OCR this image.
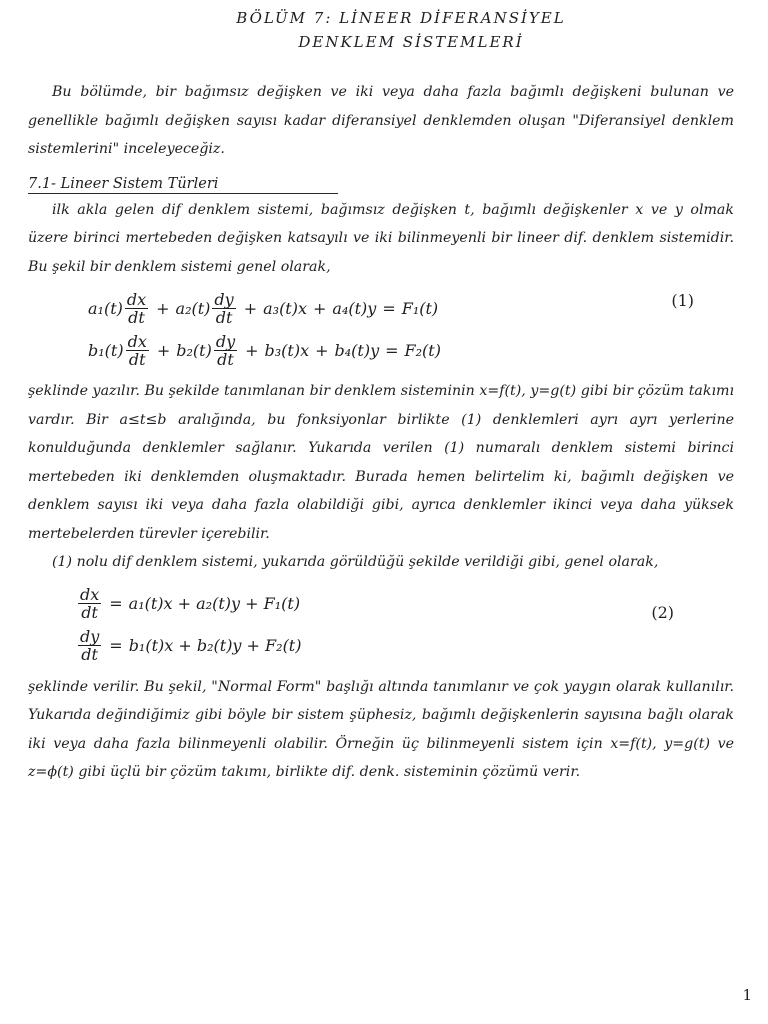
BÖLÜM 7: LİNEER DİFERANSİYEL
DENKLEM SİSTEMLERİ

Bu bölümde, bir bağımsız değişken ve iki veya daha fazla bağımlı değişkeni bulunan ve genellikle bağımlı değişken sayısı kadar diferansiyel denklemden oluşan "Diferansiyel denklem sistemlerini" inceleyeceğiz.

7.1- Lineer Sistem Türleri

ilk akla gelen dif denklem sistemi, bağımsız değişken t, bağımlı değişkenler x ve y olmak üzere birinci mertebeden değişken katsayılı ve iki bilinmeyenli bir lineer dif. denklem sistemidir. Bu şekil bir denklem sistemi genel olarak,

$a_1(t) \frac{dx}{dt} + a_2(t) \frac{dy}{dt} + a_3(t)x + a_4(t)y = F_1(t)$
$b_1(t) \frac{dx}{dt} + b_2(t) \frac{dy}{dt} + b_3(t)x + b_4(t)y = F_2(t)$
(1)

şeklinde yazılır. Bu şekilde tanımlanan bir denklem sisteminin x=f(t), y=g(t) gibi bir çözüm takımı vardır. Bir a≤t≤b aralığında, bu fonksiyonlar birlikte (1) denklemleri ayrı ayrı yerlerine konulduğunda denklemler sağlanır. Yukarıda verilen (1) numaralı denklem sistemi birinci mertebeden iki denklemden oluşmaktadır. Burada hemen belirtelim ki, bağımlı değişken ve denklem sayısı iki veya daha fazla olabildiği gibi, ayrıca denklemler ikinci veya daha yüksek mertebelerden türevler içerebilir.

(1) nolu dif denklem sistemi, yukarıda görüldüğü şekilde verildiği gibi, genel olarak,

$\frac{dx}{dt} = a_1(t)x + a_2(t)y + F_1(t)$
$\frac{dy}{dt} = b_1(t)x + b_2(t)y + F_2(t)$
(2)

şeklinde verilir. Bu şekil, "Normal Form" başlığı altında tanımlanır ve çok yaygın olarak kullanılır. Yukarıda değindiğimiz gibi böyle bir sistem şüphesiz, bağımlı değişkenlerin sayısına bağlı olarak iki veya daha fazla bilinmeyenli olabilir. Örneğin üç bilinmeyenli sistem için x=f(t), y=g(t) ve z=ϕ(t) gibi üçlü bir çözüm takımı, birlikte dif. denk. sisteminin çözümü verir.

1
